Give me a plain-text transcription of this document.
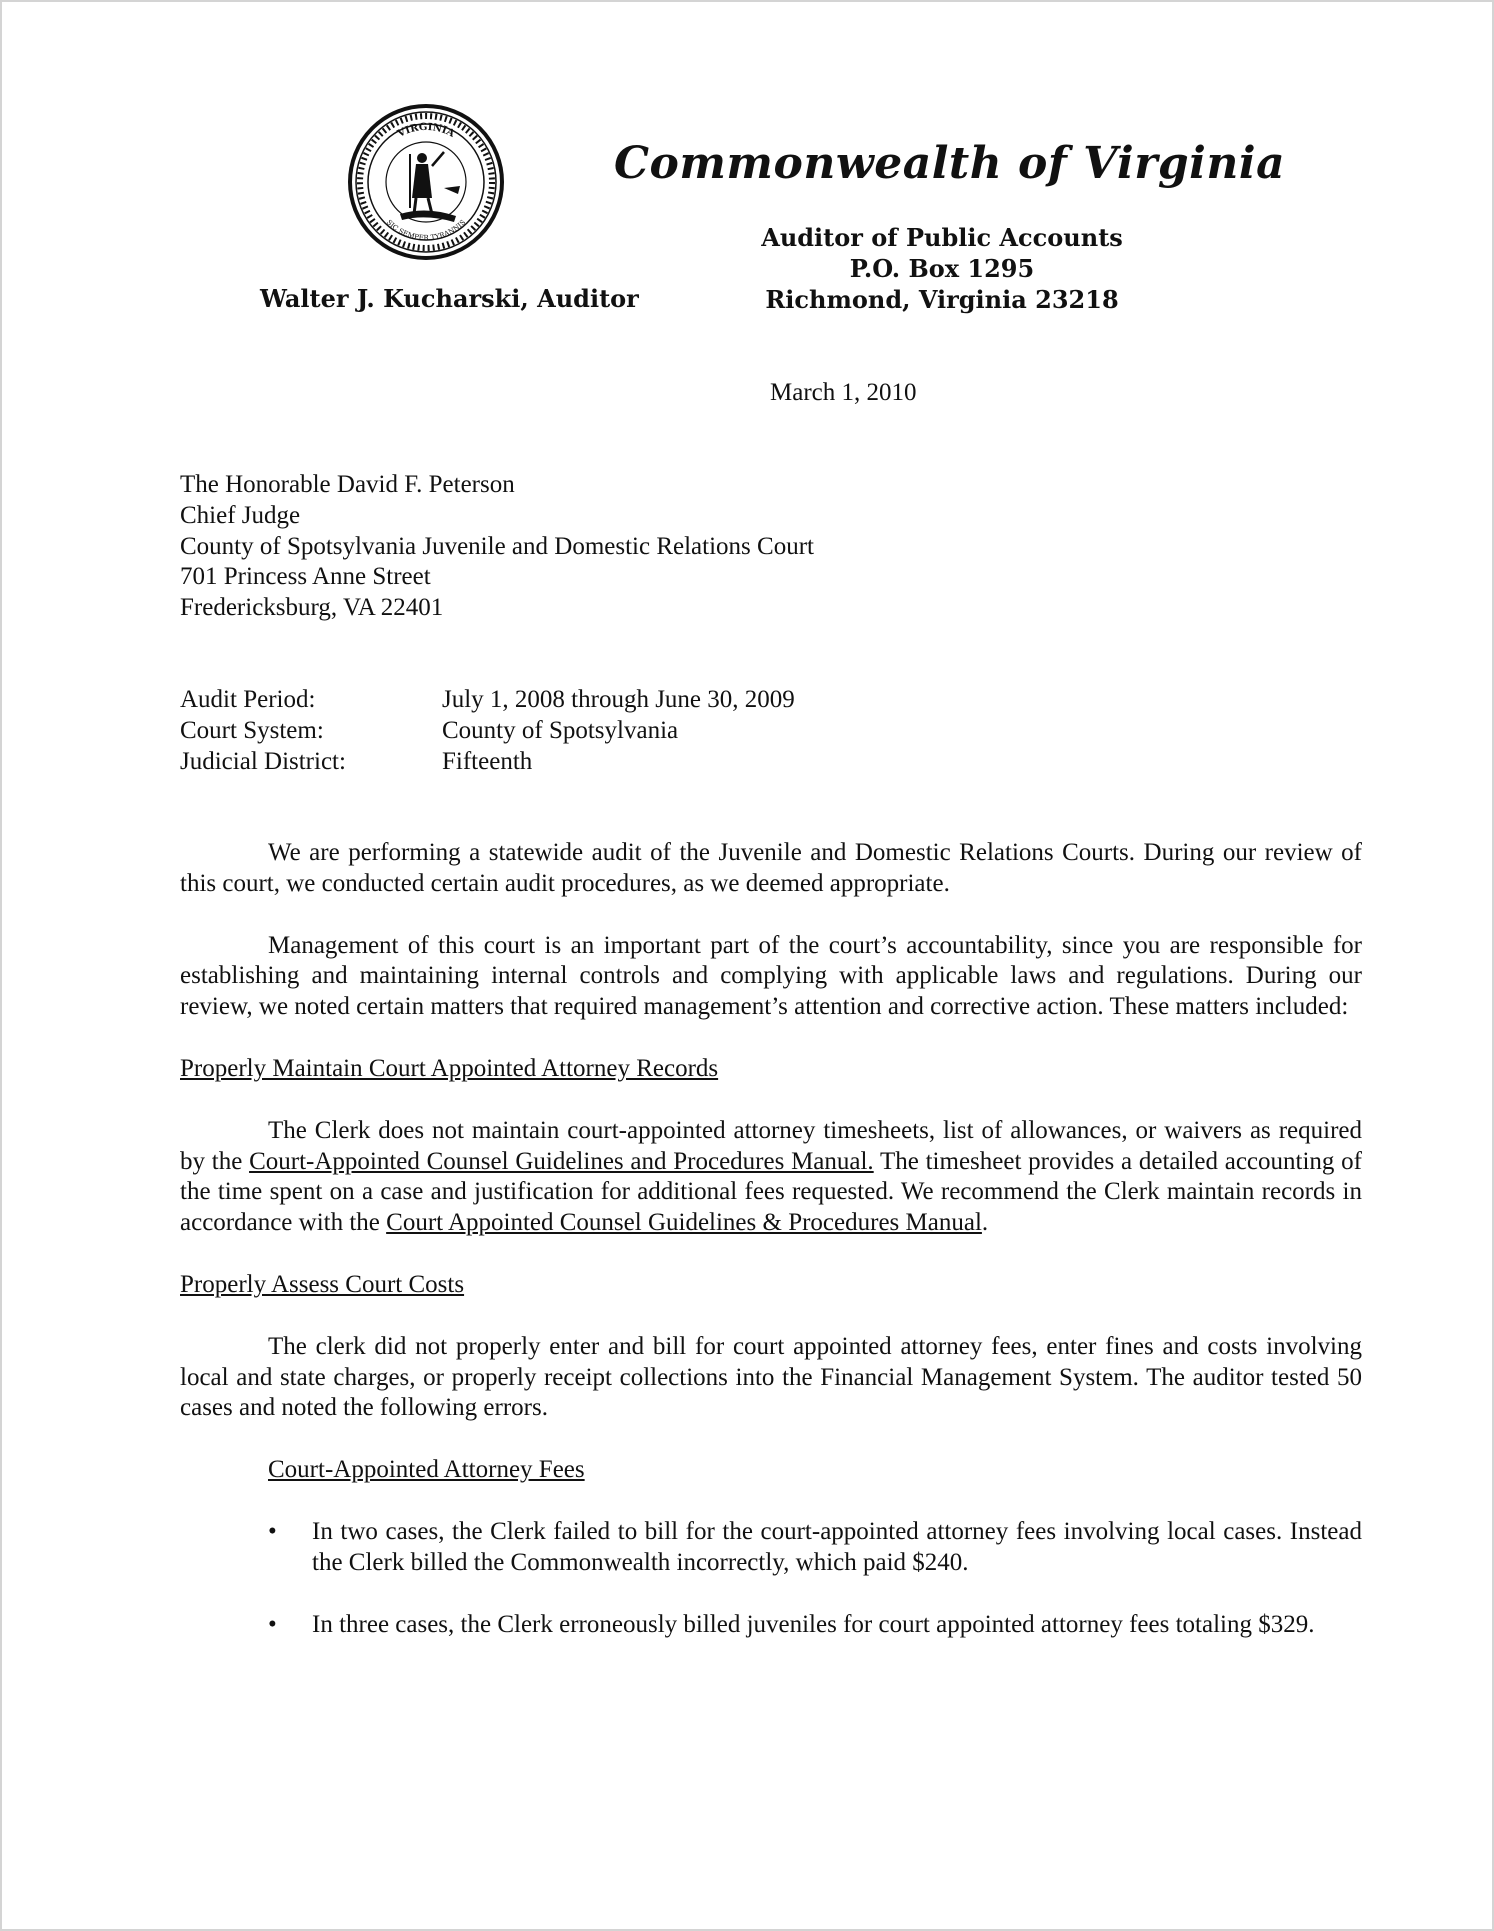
VIRGINIA
SIC SEMPER TYRANNIS
Commonwealth of Virginia
Auditor of Public Accounts
P.O. Box 1295
Richmond, Virginia 23218
Walter J. Kucharski, Auditor
March 1, 2010
The Honorable David F. Peterson
Chief Judge
County of Spotsylvania Juvenile and Domestic Relations Court
701 Princess Anne Street
Fredericksburg, VA 22401
Audit Period:	July 1, 2008 through June 30, 2009
Court System:	County of Spotsylvania
Judicial District:	Fifteenth

We are performing a statewide audit of the Juvenile and Domestic Relations Courts. During our review of this court, we conducted certain audit procedures, as we deemed appropriate.

Management of this court is an important part of the court’s accountability, since you are responsible for establishing and maintaining internal controls and complying with applicable laws and regulations. During our review, we noted certain matters that required management’s attention and corrective action. These matters included:

Properly Maintain Court Appointed Attorney Records

The Clerk does not maintain court-appointed attorney timesheets, list of allowances, or waivers as required by the Court-Appointed Counsel Guidelines and Procedures Manual. The timesheet provides a detailed accounting of the time spent on a case and justification for additional fees requested. We recommend the Clerk maintain records in accordance with the Court Appointed Counsel Guidelines & Procedures Manual.

Properly Assess Court Costs

The clerk did not properly enter and bill for court appointed attorney fees, enter fines and costs involving local and state charges, or properly receipt collections into the Financial Management System. The auditor tested 50 cases and noted the following errors.

Court-Appointed Attorney Fees

• In two cases, the Clerk failed to bill for the court-appointed attorney fees involving local cases. Instead the Clerk billed the Commonwealth incorrectly, which paid $240.
• In three cases, the Clerk erroneously billed juveniles for court appointed attorney fees totaling $329.
